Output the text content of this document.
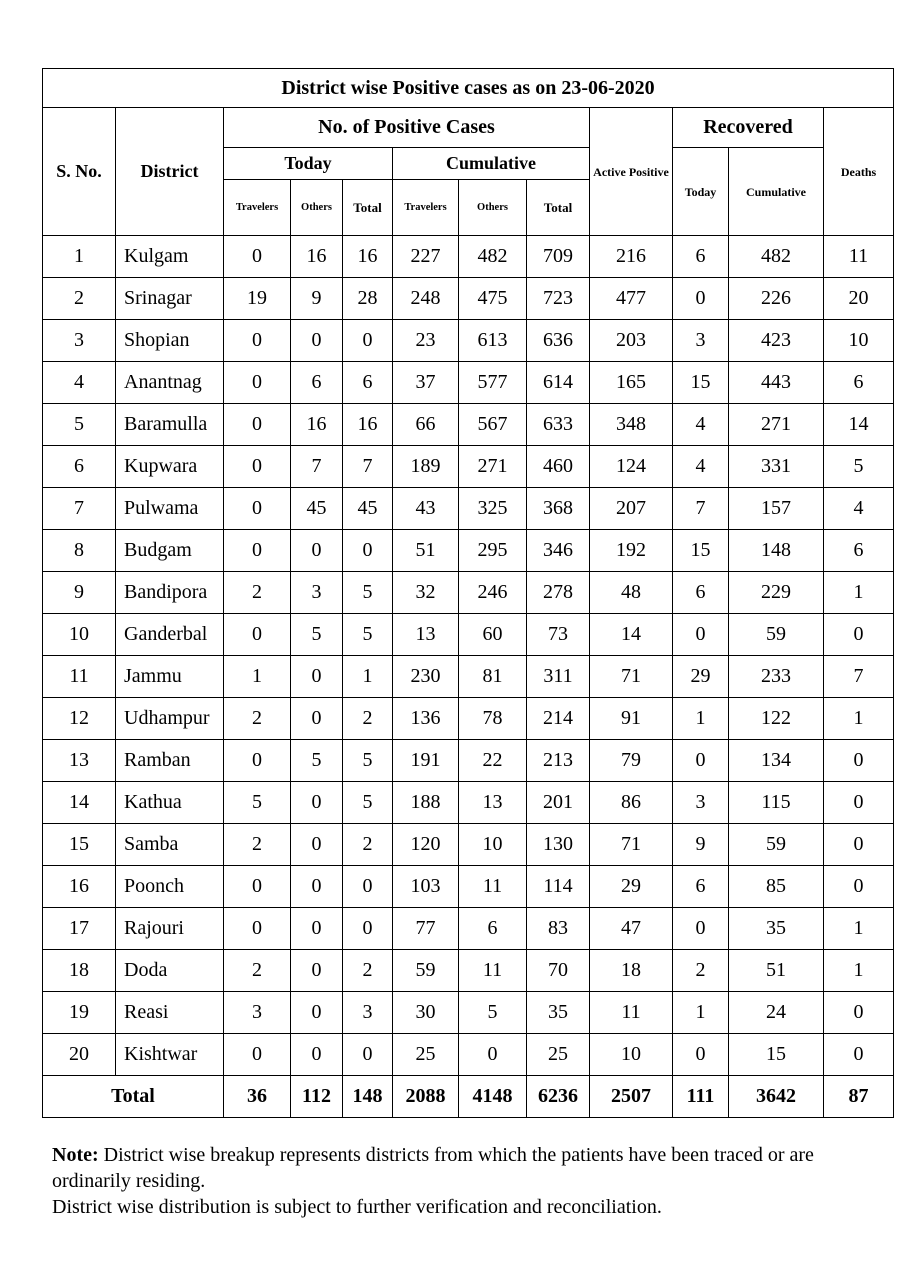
District wise Positive cases as on 23-06-2020											
S. No.	District	No. of Positive Cases						Active Positive	Recovered		Deaths
		Today			Cumulative				Today	Cumulative	
		Travelers	Others	Total	Travelers	Others	Total				
1	Kulgam	0	16	16	227	482	709	216	6	482	11
2	Srinagar	19	9	28	248	475	723	477	0	226	20
3	Shopian	0	0	0	23	613	636	203	3	423	10
4	Anantnag	0	6	6	37	577	614	165	15	443	6
5	Baramulla	0	16	16	66	567	633	348	4	271	14
6	Kupwara	0	7	7	189	271	460	124	4	331	5
7	Pulwama	0	45	45	43	325	368	207	7	157	4
8	Budgam	0	0	0	51	295	346	192	15	148	6
9	Bandipora	2	3	5	32	246	278	48	6	229	1
10	Ganderbal	0	5	5	13	60	73	14	0	59	0
11	Jammu	1	0	1	230	81	311	71	29	233	7
12	Udhampur	2	0	2	136	78	214	91	1	122	1
13	Ramban	0	5	5	191	22	213	79	0	134	0
14	Kathua	5	0	5	188	13	201	86	3	115	0
15	Samba	2	0	2	120	10	130	71	9	59	0
16	Poonch	0	0	0	103	11	114	29	6	85	0
17	Rajouri	0	0	0	77	6	83	47	0	35	1
18	Doda	2	0	2	59	11	70	18	2	51	1
19	Reasi	3	0	3	30	5	35	11	1	24	0
20	Kishtwar	0	0	0	25	0	25	10	0	15	0
Total		36	112	148	2088	4148	6236	2507	111	3642	87

Note: District wise breakup represents districts from which the patients have been traced or are ordinarily residing.

District wise distribution is subject to further verification and reconciliation.
